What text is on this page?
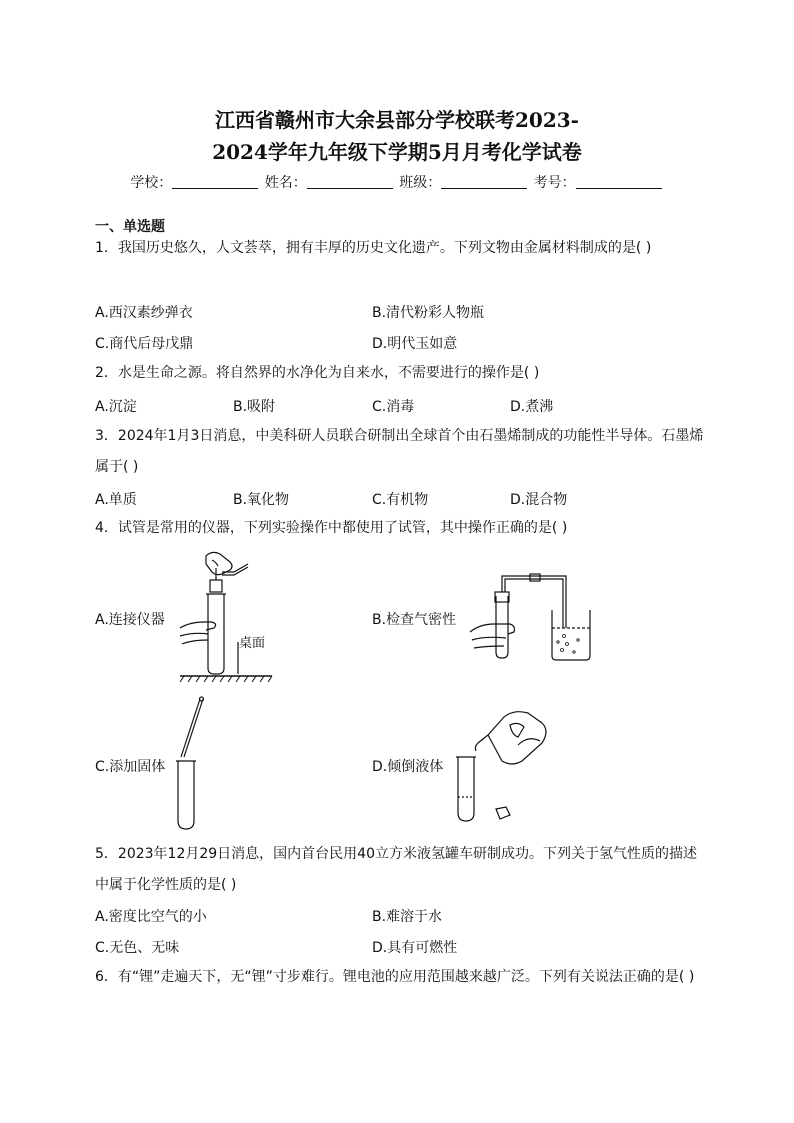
江西省赣州市大余县部分学校联考2023-
2024学年九年级下学期5月月考化学试卷
学校：	姓名：	班级：	考号：
一、单选题
1．我国历史悠久，人文荟萃，拥有丰厚的历史文化遗产。下列文物由金属材料制成的是( )
A.西汉素纱弹衣	B.清代粉彩人物瓶
C.商代后母戊鼎	D.明代玉如意
2．水是生命之源。将自然界的水净化为自来水，不需要进行的操作是( )
A.沉淀	B.吸附	C.消毒	D.煮沸
3．2024年1月3日消息，中美科研人员联合研制出全球首个由石墨烯制成的功能性半导体。石墨烯属于( )
A.单质	B.氧化物	C.有机物	D.混合物
4．试管是常用的仪器，下列实验操作中都使用了试管，其中操作正确的是( )
A.连接仪器	B.检查气密性
C.添加固体	D.倾倒液体
桌面
5．2023年12月29日消息，国内首台民用40立方米液氢罐车研制成功。下列关于氢气性质的描述中属于化学性质的是( )
A.密度比空气的小	B.难溶于水
C.无色、无味	D.具有可燃性
6．有“锂”走遍天下，无“锂”寸步难行。锂电池的应用范围越来越广泛。下列有关说法正确的是( )
